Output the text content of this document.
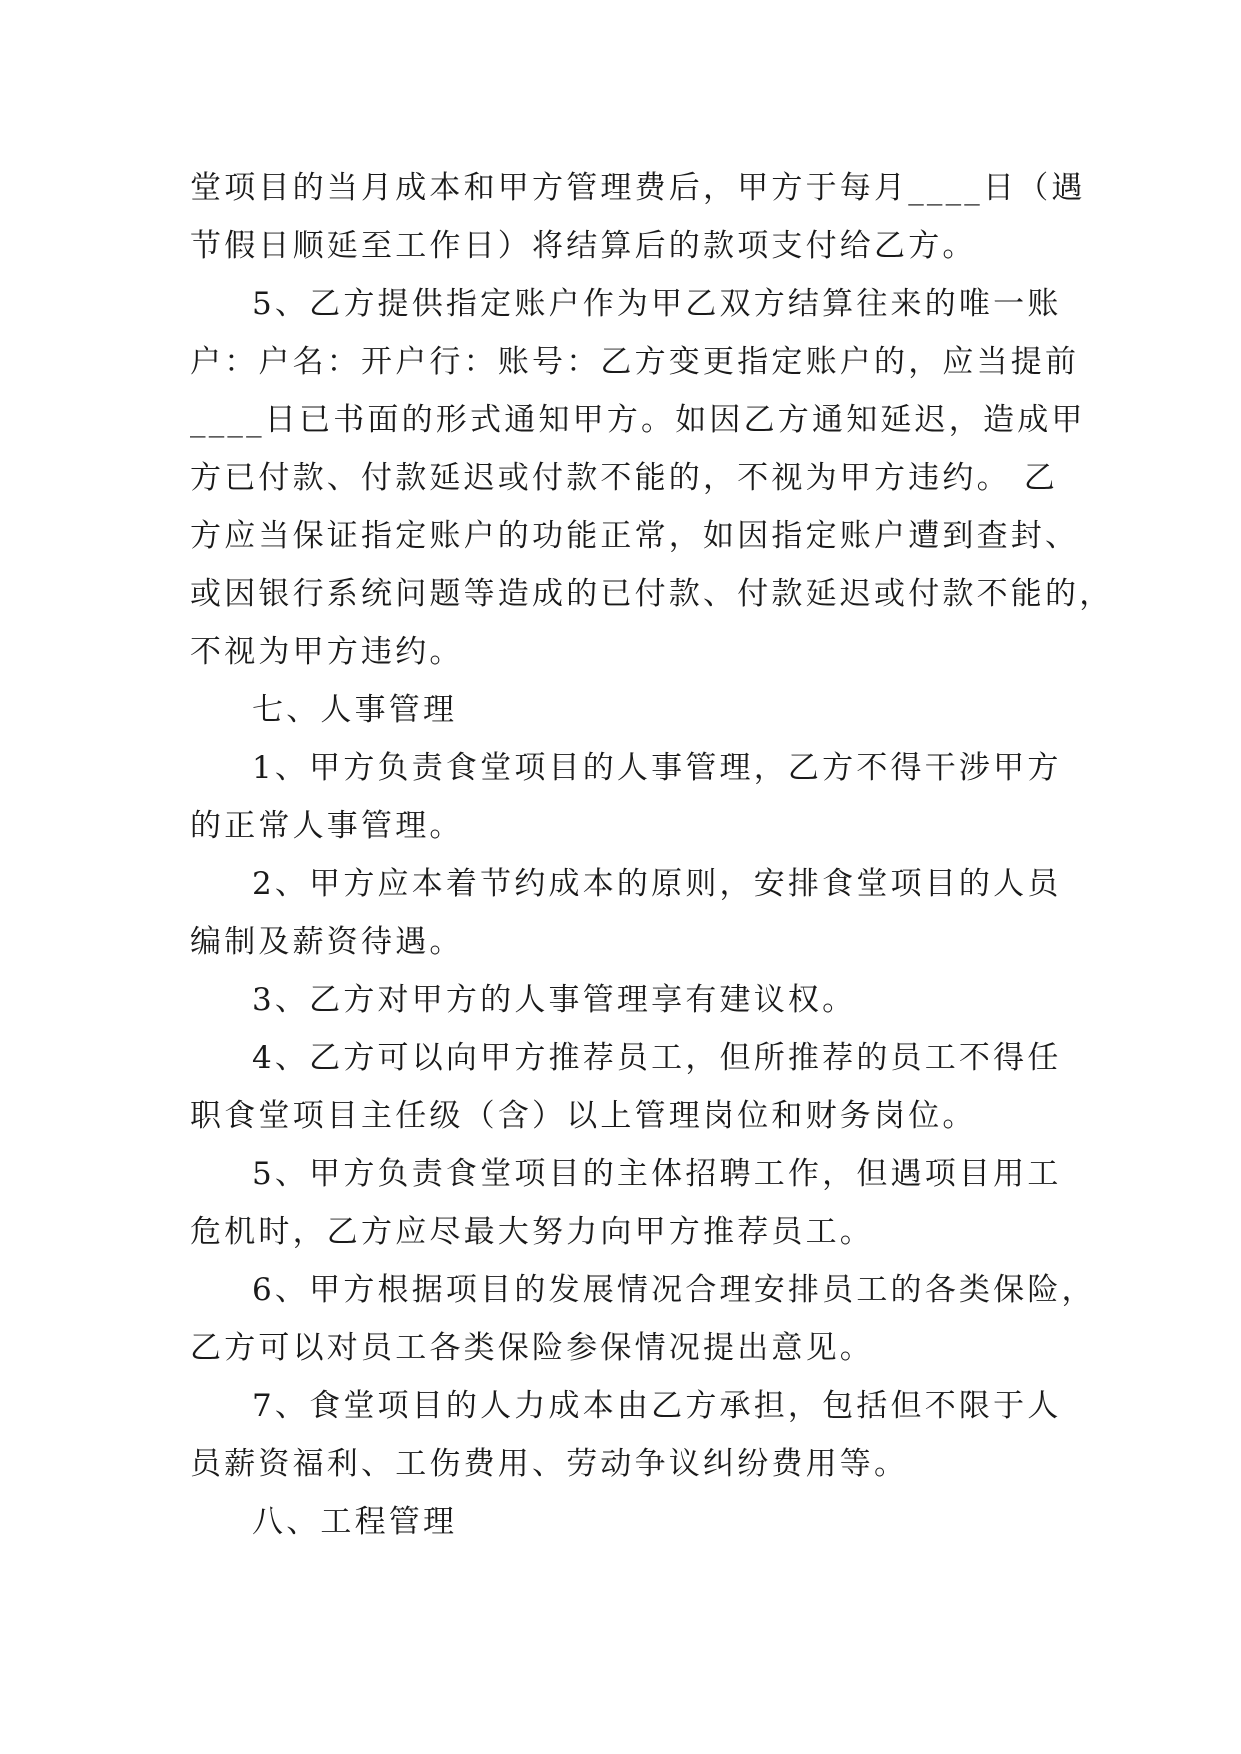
堂项目的当月成本和甲方管理费后，甲方于每月____日（遇
节假日顺延至工作日）将结算后的款项支付给乙方。
5、乙方提供指定账户作为甲乙双方结算往来的唯一账
户：户名：开户行：账号：乙方变更指定账户的，应当提前
____日已书面的形式通知甲方。如因乙方通知延迟，造成甲
方已付款、付款延迟或付款不能的，不视为甲方违约。 乙
方应当保证指定账户的功能正常，如因指定账户遭到查封、
或因银行系统问题等造成的已付款、付款延迟或付款不能的，
不视为甲方违约。
七、人事管理
1、甲方负责食堂项目的人事管理，乙方不得干涉甲方
的正常人事管理。
2、甲方应本着节约成本的原则，安排食堂项目的人员
编制及薪资待遇。
3、乙方对甲方的人事管理享有建议权。
4、乙方可以向甲方推荐员工，但所推荐的员工不得任
职食堂项目主任级（含）以上管理岗位和财务岗位。
5、甲方负责食堂项目的主体招聘工作，但遇项目用工
危机时，乙方应尽最大努力向甲方推荐员工。
6、甲方根据项目的发展情况合理安排员工的各类保险，
乙方可以对员工各类保险参保情况提出意见。
7、食堂项目的人力成本由乙方承担，包括但不限于人
员薪资福利、工伤费用、劳动争议纠纷费用等。
八、工程管理
